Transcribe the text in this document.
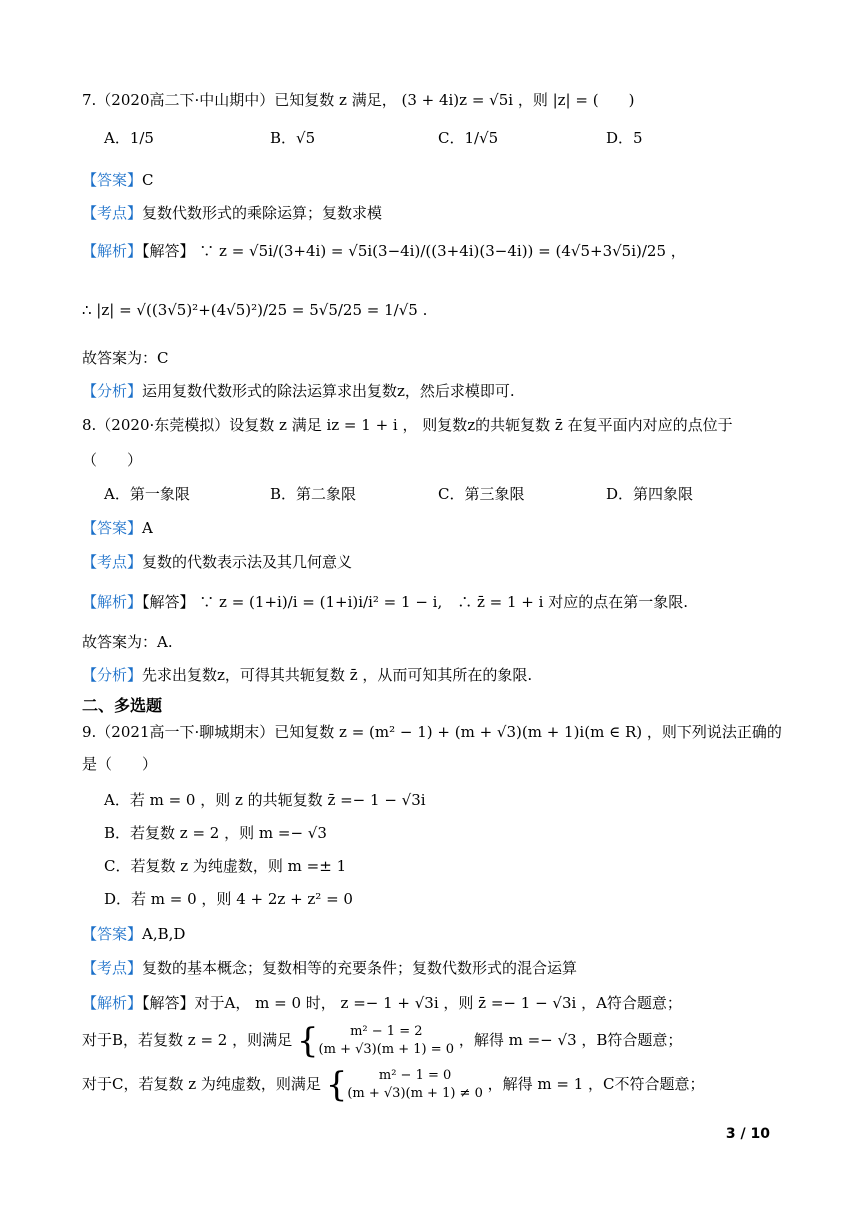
7.（2020高二下·中山期中）已知复数 z 满足， (3 + 4i)z = √5i ，则 |z| = (　　)
A．1/5	B．√5	C．1/√5	D．5
【答案】C
【考点】复数代数形式的乘除运算；复数求模
【解析】【解答】 ∵ z = √5i/(3+4i) = √5i(3−4i)/((3+4i)(3−4i)) = (4√5+3√5i)/25 ，
∴ |z| = √((3√5)²+(4√5)²)/25 = 5√5/25 = 1/√5 .
故答案为：C
【分析】运用复数代数形式的除法运算求出复数z，然后求模即可.
8.（2020·东莞模拟）设复数 z 满足 iz = 1 + i ， 则复数z的共轭复数 z̄ 在复平面内对应的点位于
（　　）
A．第一象限	B．第二象限	C．第三象限	D．第四象限
【答案】A
【考点】复数的代数表示法及其几何意义
【解析】【解答】 ∵ z = (1+i)/i = (1+i)i/i² = 1 − i,　∴ z̄ = 1 + i 对应的点在第一象限.
故答案为：A.
【分析】先求出复数z，可得其共轭复数 z̄ ，从而可知其所在的象限.
二、多选题
9.（2021高一下·聊城期末）已知复数 z = (m² − 1) + (m + √3)(m + 1)i(m ∈ R) ，则下列说法正确的
是（　　）
A．若 m = 0 ，则 z 的共轭复数 z̄ =− 1 − √3i
B．若复数 z = 2 ，则 m =− √3
C．若复数 z 为纯虚数，则 m =± 1
D．若 m = 0 ，则 4 + 2z + z² = 0
【答案】A,B,D
【考点】复数的基本概念；复数相等的充要条件；复数代数形式的混合运算
【解析】【解答】对于A， m = 0 时， z =− 1 + √3i ，则 z̄ =− 1 − √3i ，A符合题意；
对于B，若复数 z = 2 ，则满足 {	m² − 1 = 2
(m + √3)(m + 1) = 0
，解得 m =− √3 ，B符合题意；
对于C，若复数 z 为纯虚数，则满足 {	m² − 1 = 0
(m + √3)(m + 1) ≠ 0
，解得 m = 1 ，C不符合题意；
3 / 10
